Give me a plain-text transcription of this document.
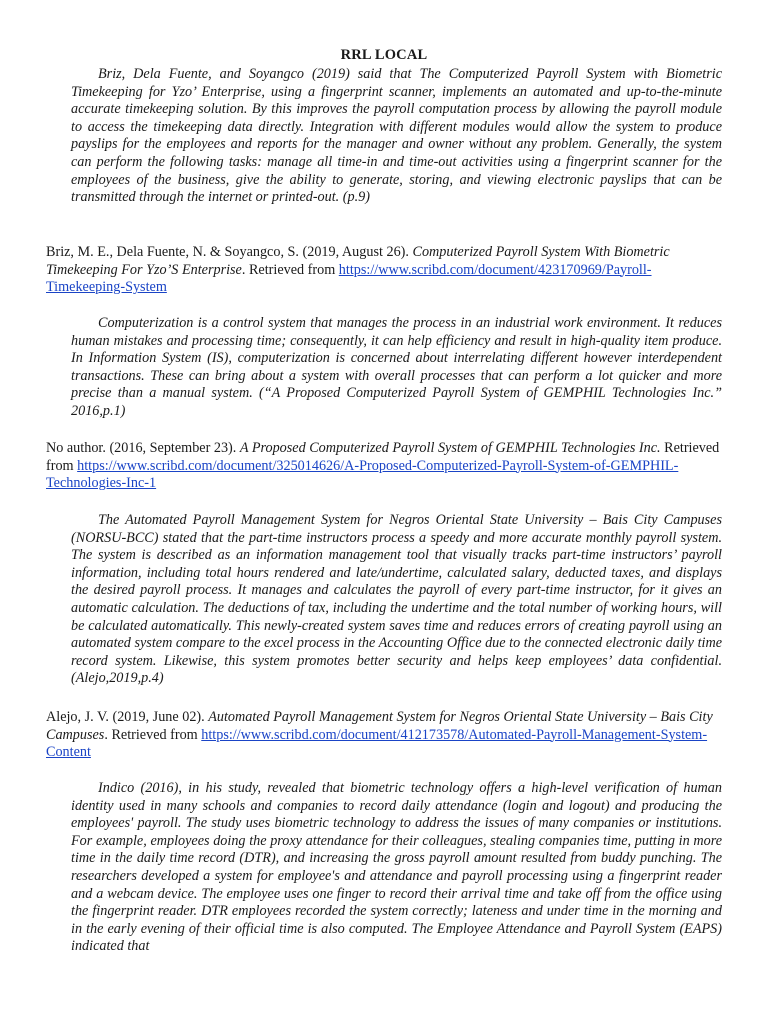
RRL LOCAL

Briz, Dela Fuente, and Soyangco (2019) said that The Computerized Payroll System with Biometric Timekeeping for Yzo’ Enterprise, using a fingerprint scanner, implements an automated and up-to-the-minute accurate timekeeping solution. By this improves the payroll computation process by allowing the payroll module to access the timekeeping data directly. Integration with different modules would allow the system to produce payslips for the employees and reports for the manager and owner without any problem. Generally, the system can perform the following tasks: manage all time-in and time-out activities using a fingerprint scanner for the employees of the business, give the ability to generate, storing, and viewing electronic payslips that can be transmitted through the internet or printed-out. (p.9)

Briz, M. E., Dela Fuente, N. & Soyangco, S. (2019, August 26). Computerized Payroll System With Biometric Timekeeping For Yzo’S Enterprise. Retrieved from https://www.scribd.com/document/423170969/Payroll-Timekeeping-System

Computerization is a control system that manages the process in an industrial work environment. It reduces human mistakes and processing time; consequently, it can help efficiency and result in high-quality item produce. In Information System (IS), computerization is concerned about interrelating different however interdependent transactions. These can bring about a system with overall processes that can perform a lot quicker and more precise than a manual system. (“A Proposed Computerized Payroll System of GEMPHIL Technologies Inc.” 2016,p.1)

No author. (2016, September 23). A Proposed Computerized Payroll System of GEMPHIL Technologies Inc. Retrieved from https://www.scribd.com/document/325014626/A-Proposed-Computerized-Payroll-System-of-GEMPHIL-Technologies-Inc-1

The Automated Payroll Management System for Negros Oriental State University – Bais City Campuses (NORSU-BCC) stated that the part-time instructors process a speedy and more accurate monthly payroll system. The system is described as an information management tool that visually tracks part-time instructors’ payroll information, including total hours rendered and late/undertime, calculated salary, deducted taxes, and displays the desired payroll process. It manages and calculates the payroll of every part-time instructor, for it gives an automatic calculation. The deductions of tax, including the undertime and the total number of working hours, will be calculated automatically. This newly-created system saves time and reduces errors of creating payroll using an automated system compare to the excel process in the Accounting Office due to the connected electronic daily time record system. Likewise, this system promotes better security and helps keep employees’ data confidential. (Alejo,2019,p.4)

Alejo, J. V. (2019, June 02). Automated Payroll Management System for Negros Oriental State University – Bais City Campuses. Retrieved from https://www.scribd.com/document/412173578/Automated-Payroll-Management-System-Content

Indico (2016), in his study, revealed that biometric technology offers a high-level verification of human identity used in many schools and companies to record daily attendance (login and logout) and producing the employees' payroll. The study uses biometric technology to address the issues of many companies or institutions. For example, employees doing the proxy attendance for their colleagues, stealing companies time, putting in more time in the daily time record (DTR), and increasing the gross payroll amount resulted from buddy punching. The researchers developed a system for employee's and attendance and payroll processing using a fingerprint reader and a webcam device. The employee uses one finger to record their arrival time and take off from the office using the fingerprint reader. DTR employees recorded the system correctly; lateness and under time in the morning and in the early evening of their official time is also computed. The Employee Attendance and Payroll System (EAPS) indicated that
